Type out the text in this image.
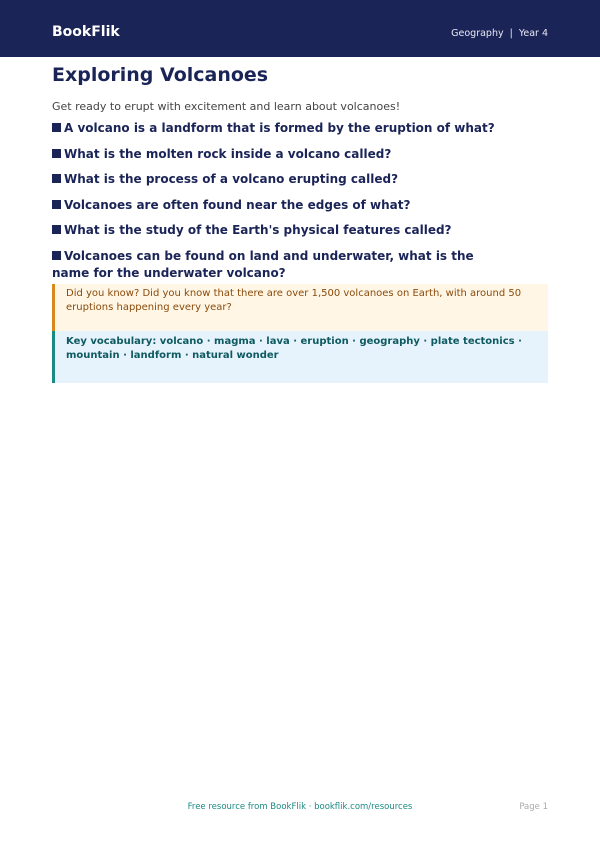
BookFlik	Geography | Year 4
Exploring Volcanoes

Get ready to erupt with excitement and learn about volcanoes!

A volcano is a landform that is formed by the eruption of what?
What is the molten rock inside a volcano called?
What is the process of a volcano erupting called?
Volcanoes are often found near the edges of what?
What is the study of the Earth's physical features called?
Volcanoes can be found on land and underwater, what is the name for the underwater volcano?
Did you know? Did you know that there are over 1,500 volcanoes on Earth, with around 50 eruptions happening every year?
Key vocabulary: volcano · magma · lava · eruption · geography · plate tectonics · mountain · landform · natural wonder
Free resource from BookFlik · bookflik.com/resources	Page 1
